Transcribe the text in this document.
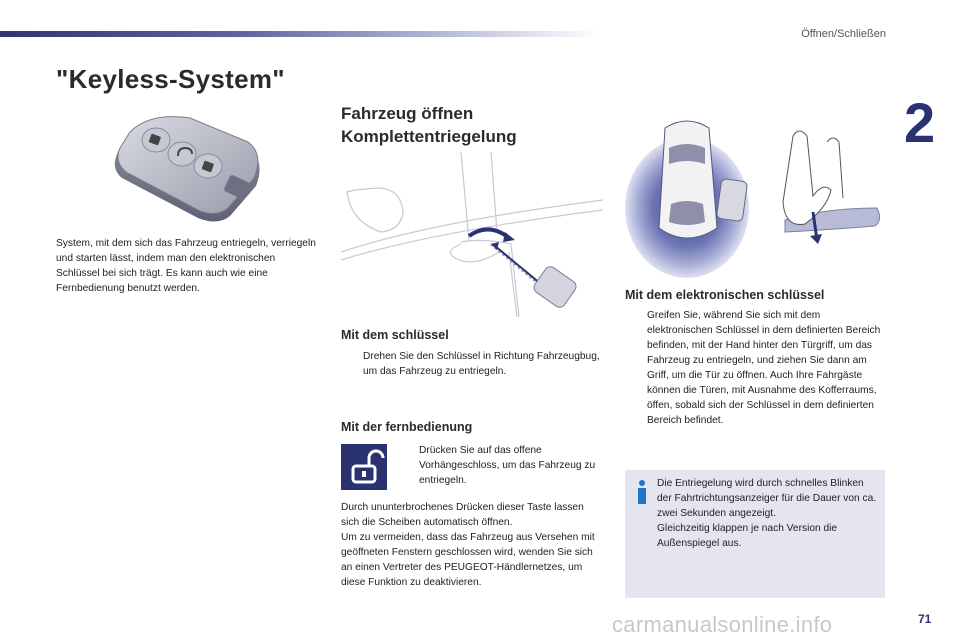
Öffnen/Schließen
2
"Keyless-System"
System, mit dem sich das Fahrzeug entriegeln, verriegeln und starten lässt, indem man den elektronischen Schlüssel bei sich trägt. Es kann auch wie eine Fernbedienung benutzt werden.
Fahrzeug öffnen
Komplettentriegelung
Mit dem schlüssel
Drehen Sie den Schlüssel in Richtung Fahrzeugbug, um das Fahrzeug zu entriegeln.
Mit der fernbedienung
Drücken Sie auf das offene Vorhängeschloss, um das Fahrzeug zu entriegeln.

Durch ununterbrochenes Drücken dieser Taste lassen sich die Scheiben automatisch öffnen.

Um zu vermeiden, dass das Fahrzeug aus Versehen mit geöffneten Fenstern geschlossen wird, wenden Sie sich an einen Vertreter des PEUGEOT-Händlernetzes, um diese Funktion zu deaktivieren.

Mit dem elektronischen schlüssel
Greifen Sie, während Sie sich mit dem elektronischen Schlüssel in dem definierten Bereich befinden, mit der Hand hinter den Türgriff, um das Fahrzeug zu entriegeln, und ziehen Sie dann am Griff, um die Tür zu öffnen. Auch Ihre Fahrgäste können die Türen, mit Ausnahme des Kofferraums, öffen, sobald sich der Schlüssel in dem definierten Bereich befindet.

Die Entriegelung wird durch schnelles Blinken der Fahrtrichtungsanzeiger für die Dauer von ca. zwei Sekunden angezeigt.

Gleichzeitig klappen je nach Version die Außenspiegel aus.

carmanualsonline.info	71
